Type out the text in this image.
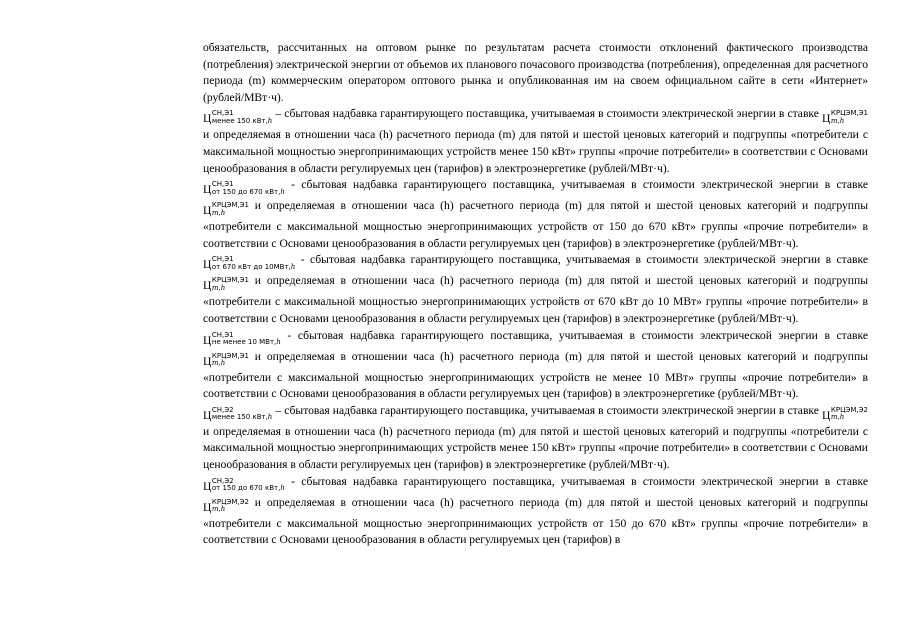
обязательств, рассчитанных на оптовом рынке по результатам расчета стоимости отклонений фактического производства (потребления) электрической энергии от объемов их планового почасового производства (потребления), определенная для расчетного периода (m) коммерческим оператором оптового рынка и опубликованная им на своем официальном сайте в сети «Интернет» (рублей/МВт·ч).

Ц СН,Э1
менее 150 кВт,h
– сбытовая надбавка гарантирующего поставщика, учитываемая в стоимости электрической энергии в ставке Ц КРЦЭМ,Э1
m,h
и определяемая в отношении часа (h) расчетного периода (m) для пятой и шестой ценовых категорий и подгруппы «потребители с максимальной мощностью энергопринимающих устройств менее 150 кВт» группы «прочие потребители» в соответствии с Основами ценообразования в области регулируемых цен (тарифов) в электроэнергетике (рублей/МВт·ч).

Ц СН,Э1
от 150 до 670 кВт,h
- сбытовая надбавка гарантирующего поставщика, учитываемая в стоимости электрической энергии в ставке
Ц КРЦЭМ,Э1
m,h
и определяемая в отношении часа (h) расчетного периода (m) для пятой и шестой ценовых категорий и подгруппы «потребители с максимальной мощностью энергопринимающих устройств от 150 до 670 кВт» группы «прочие потребители» в соответствии с Основами ценообразования в области регулируемых цен (тарифов) в электроэнергетике (рублей/МВт·ч).

Ц СН,Э1
от 670 кВт до 10МВт,h
- сбытовая надбавка гарантирующего поставщика, учитываемая в стоимости электрической энергии в ставке
Ц КРЦЭМ,Э1
m,h
и определяемая в отношении часа (h) расчетного периода (m) для пятой и шестой ценовых категорий и подгруппы «потребители с максимальной мощностью энергопринимающих устройств от 670 кВт до 10 МВт» группы «прочие потребители» в соответствии с Основами ценообразования в области регулируемых цен (тарифов) в электроэнергетике (рублей/МВт·ч).

Ц СН,Э1
не менее 10 МВт,h
- сбытовая надбавка гарантирующего поставщика, учитываемая в стоимости электрической энергии в ставке
Ц КРЦЭМ,Э1
m,h
и определяемая в отношении часа (h) расчетного периода (m) для пятой и шестой ценовых категорий и подгруппы «потребители с максимальной мощностью энергопринимающих устройств не менее 10 МВт» группы «прочие потребители» в соответствии с Основами ценообразования в области регулируемых цен (тарифов) в электроэнергетике (рублей/МВт·ч).

Ц СН,Э2
менее 150 кВт,h
– сбытовая надбавка гарантирующего поставщика, учитываемая в стоимости электрической энергии в ставке Ц КРЦЭМ,Э2
m,h
и определяемая в отношении часа (h) расчетного периода (m) для пятой и шестой ценовых категорий и подгруппы «потребители с максимальной мощностью энергопринимающих устройств менее 150 кВт» группы «прочие потребители» в соответствии с Основами ценообразования в области регулируемых цен (тарифов) в электроэнергетике (рублей/МВт·ч).

Ц СН,Э2
от 150 до 670 кВт,h
- сбытовая надбавка гарантирующего поставщика, учитываемая в стоимости электрической энергии в ставке
Ц КРЦЭМ,Э2
m,h
и определяемая в отношении часа (h) расчетного периода (m) для пятой и шестой ценовых категорий и подгруппы «потребители с максимальной мощностью энергопринимающих устройств от 150 до 670 кВт» группы «прочие потребители» в соответствии с Основами ценообразования в области регулируемых цен (тарифов) в
